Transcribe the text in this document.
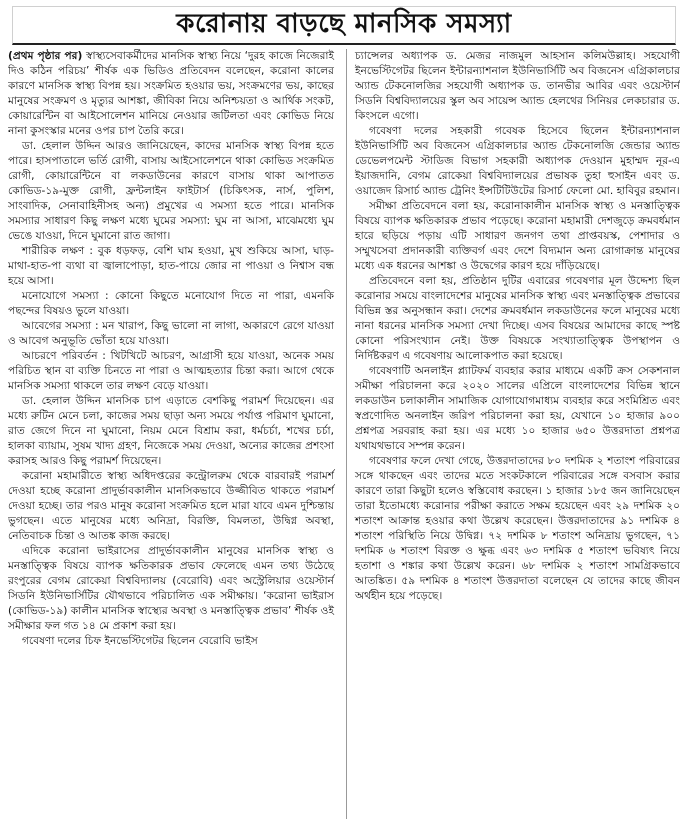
করোনায় বাড়ছে মানসিক সমস্যা

(প্রথম পৃষ্ঠার পর) স্বাস্থ্যসেবাকর্মীদের মানসিক স্বাস্থ্য নিয়ে ‘দুরহ কাজে নিজেরাই দিও কঠিন পরিচয়’ শীর্ষক এক ভিডিও প্রতিবেদন বলেছেন, করোনা কালের কারণে মানসিক স্বাস্থ্য বিপন্ন হয়। সংক্রমিত হওয়ার ভয়, সংক্রমণের ভয়, কাছের মানুষের সংক্রমণ ও মৃত্যুর আশঙ্কা, জীবিকা নিয়ে অনিশ্চয়তা ও আর্থিক সংকট, কোয়ারেন্টিন বা আইসোলেশন মানিয়ে নেওয়ার জটিলতা এবং কোভিড নিয়ে নানা কুসংস্কার মনের ওপর চাপ তৈরি করে।

ডা. হেলাল উদ্দিন আরও জানিয়েছেন, কাদের মানসিক স্বাস্থ্য বিপন্ন হতে পারে। হাসপাতালে ভর্তি রোগী, বাসায় আইসোলেশনে থাকা কোভিড সংক্রমিত রোগী, কোয়ারেন্টিনে বা লকডাউনের কারণে বাসায় থাকা আপাতত কোভিড-১৯-মুক্ত রোগী, ফ্রন্টলাইন ফাইটার্স (চিকিৎসক, নার্স, পুলিশ, সাংবাদিক, সেনাবাহিনীসহ অন্য) প্রমুখের এ সমস্যা হতে পারে। মানসিক সমস্যার সাধারণ কিছু লক্ষণ মধ্যে ঘুমের সমস্যা: ঘুম না আসা, মাঝেমধ্যে ঘুম ভেঙে যাওয়া, দিনে ঘুমানো রাত জাগা।

শারীরিক লক্ষণ : বুক ধড়ফড়, বেশি ঘাম হওয়া, মুখ শুকিয়ে আসা, ঘাড়-মাথা-হাত-পা ব্যথা বা জ্বালাপোড়া, হাত-পায়ে জোর না পাওয়া ও নিশ্বাস বন্ধ হয়ে আসা।

মনোযোগে সমস্যা : কোনো কিছুতে মনোযোগ দিতে না পারা, এমনকি পছন্দের বিষয়ও ভুলে যাওয়া।

আবেগের সমস্যা : মন খারাপ, কিছু ভালো না লাগা, অকারণে রেগে যাওয়া ও আবেগ অনুভূতি ভোঁতা হয়ে যাওয়া।

আচরণে পরিবর্তন : খিটখিটে আচরণ, আগ্রাসী হয়ে যাওয়া, অনেক সময় পরিচিত স্থান বা ব্যক্তি চিনতে না পারা ও আত্মহত্যার চিন্তা করা। আগে থেকে মানসিক সমস্যা থাকলে তার লক্ষণ বেড়ে যাওয়া।

ডা. হেলাল উদ্দিন মানসিক চাপ এড়াতে বেশকিছু পরামর্শ দিয়েছেন। এর মধ্যে রুটিন মেনে চলা, কাজের সময় ছাড়া অন্য সময়ে পর্যাপ্ত পরিমাণ ঘুমানো, রাত জেগে দিনে না ঘুমানো, নিয়ম মেনে বিশ্রাম করা, ধর্মচর্চা, শখের চর্চা, হালকা ব্যায়াম, সুষম খাদ্য গ্রহণ, নিজেকে সময় দেওয়া, অন্যের কাজের প্রশংসা করাসহ আরও কিছু পরামর্শ দিয়েছেন।

করোনা মহামারীতে স্বাস্থ্য অধিদপ্তরের কন্ট্রোলরুম থেকে বারবারই পরামর্শ দেওয়া হচ্ছে করোনা প্রাদুর্ভাবকালীন মানসিকভাবে উজ্জীবিত থাকতে পরামর্শ দেওয়া হচ্ছে। তার পরও মানুষ করোনা সংক্রমিত হলে মারা যাবে এমন দুশ্চিন্তায় ভুগছেন। এতে মানুষের মধ্যে অনিদ্রা, বিরক্তি, বিমলতা, উদ্বিগ্ন অবস্থা, নেতিবাচক চিন্তা ও আতঙ্ক কাজ করছে।

এদিকে করোনা ভাইরাসের প্রাদুর্ভাবকালীন মানুষের মানসিক স্বাস্থ্য ও মনস্তাত্ত্বিক বিষয়ে ব্যাপক ক্ষতিকারক প্রভাব ফেলেছে এমন তথ্য উঠেছে রংপুরের বেগম রোকেয়া বিশ্ববিদ্যালয় (বেরোবি) এবং অস্ট্রেলিয়ার ওয়েস্টার্ন সিডনি ইউনিভার্সিটির যৌথভাবে পরিচালিত এক সমীক্ষায়। ‘করোনা ভাইরাস (কোভিড-১৯) কালীন মানসিক স্বাস্থ্যের অবস্থা ও মনস্তাত্ত্বিক প্রভাব’ শীর্ষক ওই সমীক্ষার ফল গত ১৪ মে প্রকাশ করা হয়।

গবেষণা দলের চিফ ইনভেস্টিগেটর ছিলেন বেরোবি ভাইস

চ্যান্সেলর অধ্যাপক ড. মেজর নাজমুল আহসান কলিমউল্লাহ। সহযোগী ইনভেস্টিগেটর ছিলেন ইন্টারন্যাশনাল ইউনিভার্সিটি অব বিজনেস এগ্রিকালচার অ্যান্ড টেকনোলজির সহযোগী অধ্যাপক ড. তানভীর আবির এবং ওয়েস্টার্ন সিডনি বিশ্ববিদ্যালয়ের স্কুল অব সায়েন্স অ্যান্ড হেলথের সিনিয়র লেকচারার ড. কিংসলে এগো।

গবেষণা দলের সহকারী গবেষক হিসেবে ছিলেন ইন্টারন্যাশনাল ইউনিভার্সিটি অব বিজনেস এগ্রিকালচার অ্যান্ড টেকনোলজি জেন্ডার অ্যান্ড ডেভেলপমেন্ট স্টাডিজ বিভাগ সহকারী অধ্যাপক দেওয়ান মুহাম্মদ নূর-এ ইয়াজদানি, বেগম রোকেয়া বিশ্ববিদ্যালয়ের প্রভাষক তুহা হুসাইন এবং ড. ওয়াজেদ রিসার্চ অ্যান্ড ট্রেনিং ইন্সটিটিউটের রিসার্চ ফেলো মো. হাবিবুর রহমান।

সমীক্ষা প্রতিবেদনে বলা হয়, করোনাকালীন মানসিক স্বাস্থ্য ও মনস্তাত্ত্বিক বিষয়ে ব্যাপক ক্ষতিকারক প্রভাব পড়েছে। করোনা মহামারী দেশজুড়ে ক্রমবর্ধমান হারে ছড়িয়ে পড়ায় এটি সাধারণ জনগণ তথা প্রাপ্তবয়স্ক, পেশাদার ও সম্মুখসেবা প্রদানকারী ব্যক্তিবর্গ এবং দেশে বিদ্যমান অন্য রোগাক্রান্ত মানুষের মধ্যে এক ধরনের আশঙ্কা ও উদ্বেগের কারণ হয়ে দাঁড়িয়েছে।

প্রতিবেদনে বলা হয়, প্রতিষ্ঠান দুটির এবারের গবেষণার মূল উদ্দেশ্য ছিল করোনার সময়ে বাংলাদেশের মানুষের মানসিক স্বাস্থ্য এবং মনস্তাত্ত্বিক প্রভাবের বিভিন্ন স্তর অনুসন্ধান করা। দেশের ক্রমবর্ধমান লকডাউনের ফলে মানুষের মধ্যে নানা ধরনের মানসিক সমস্যা দেখা দিচ্ছে। এসব বিষয়ের আমাদের কাছে স্পষ্ট কোনো পরিসংখ্যান নেই। উক্ত বিষয়কে সংখ্যাতাত্ত্বিক উপস্থাপন ও নির্দিষ্টকরণ এ গবেষণায় আলোকপাত করা হয়েছে।

গবেষণাটি অনলাইন প্ল্যাটফর্ম ব্যবহার করার মাধ্যমে একটি ক্রস সেকশনাল সমীক্ষা পরিচালনা করে ২০২০ সালের এপ্রিলে বাংলাদেশের বিভিন্ন স্থানে লকডাউন চলাকালীন সামাজিক যোগাযোগমাধ্যম ব্যবহার করে সংমিশ্রিত এবং স্বপ্রণোদিত অনলাইন জরিপ পরিচালনা করা হয়, যেখানে ১০ হাজার ৯০০ প্রশ্নপত্র সরবরাহ করা হয়। এর মধ্যে ১০ হাজার ৬৫০ উত্তরদাতা প্রশ্নপত্র যথাযথভাবে সম্পন্ন করেন।

গবেষণার ফলে দেখা গেছে, উত্তরদাতাদের ৮০ দশমিক ২ শতাংশ পরিবারের সঙ্গে থাকছেন এবং তাদের মতে সংকটকালে পরিবারের সঙ্গে বসবাস করার কারণে তারা কিছুটা হলেও স্বস্তিবোধ করছেন। ১ হাজার ১৮৫ জন জানিয়েছেন তারা ইতোমধ্যে করোনার পরীক্ষা করাতে সক্ষম হয়েছেন এবং ২৯ দশমিক ২০ শতাংশ আক্রান্ত হওয়ার কথা উল্লেখ করেছেন। উত্তরদাতাদের ৯১ দশমিক ৪ শতাংশ পরিস্থিতি নিয়ে উদ্বিগ্ন। ৭২ দশমিক ৮ শতাংশ অনিদ্রায় ভুগছেন, ৭১ দশমিক ৬ শতাংশ বিরক্ত ও ক্ষুব্ধ এবং ৬৩ দশমিক ৫ শতাংশ ভবিষ্যৎ নিয়ে হতাশা ও শঙ্কার কথা উল্লেখ করেন। ৬৮ দশমিক ২ শতাংশ সামগ্রিকভাবে আতঙ্কিত। ৫৯ দশমিক ৪ শতাংশ উত্তরদাতা বলেছেন যে তাদের কাছে জীবন অর্থহীন হয়ে পড়েছে।
